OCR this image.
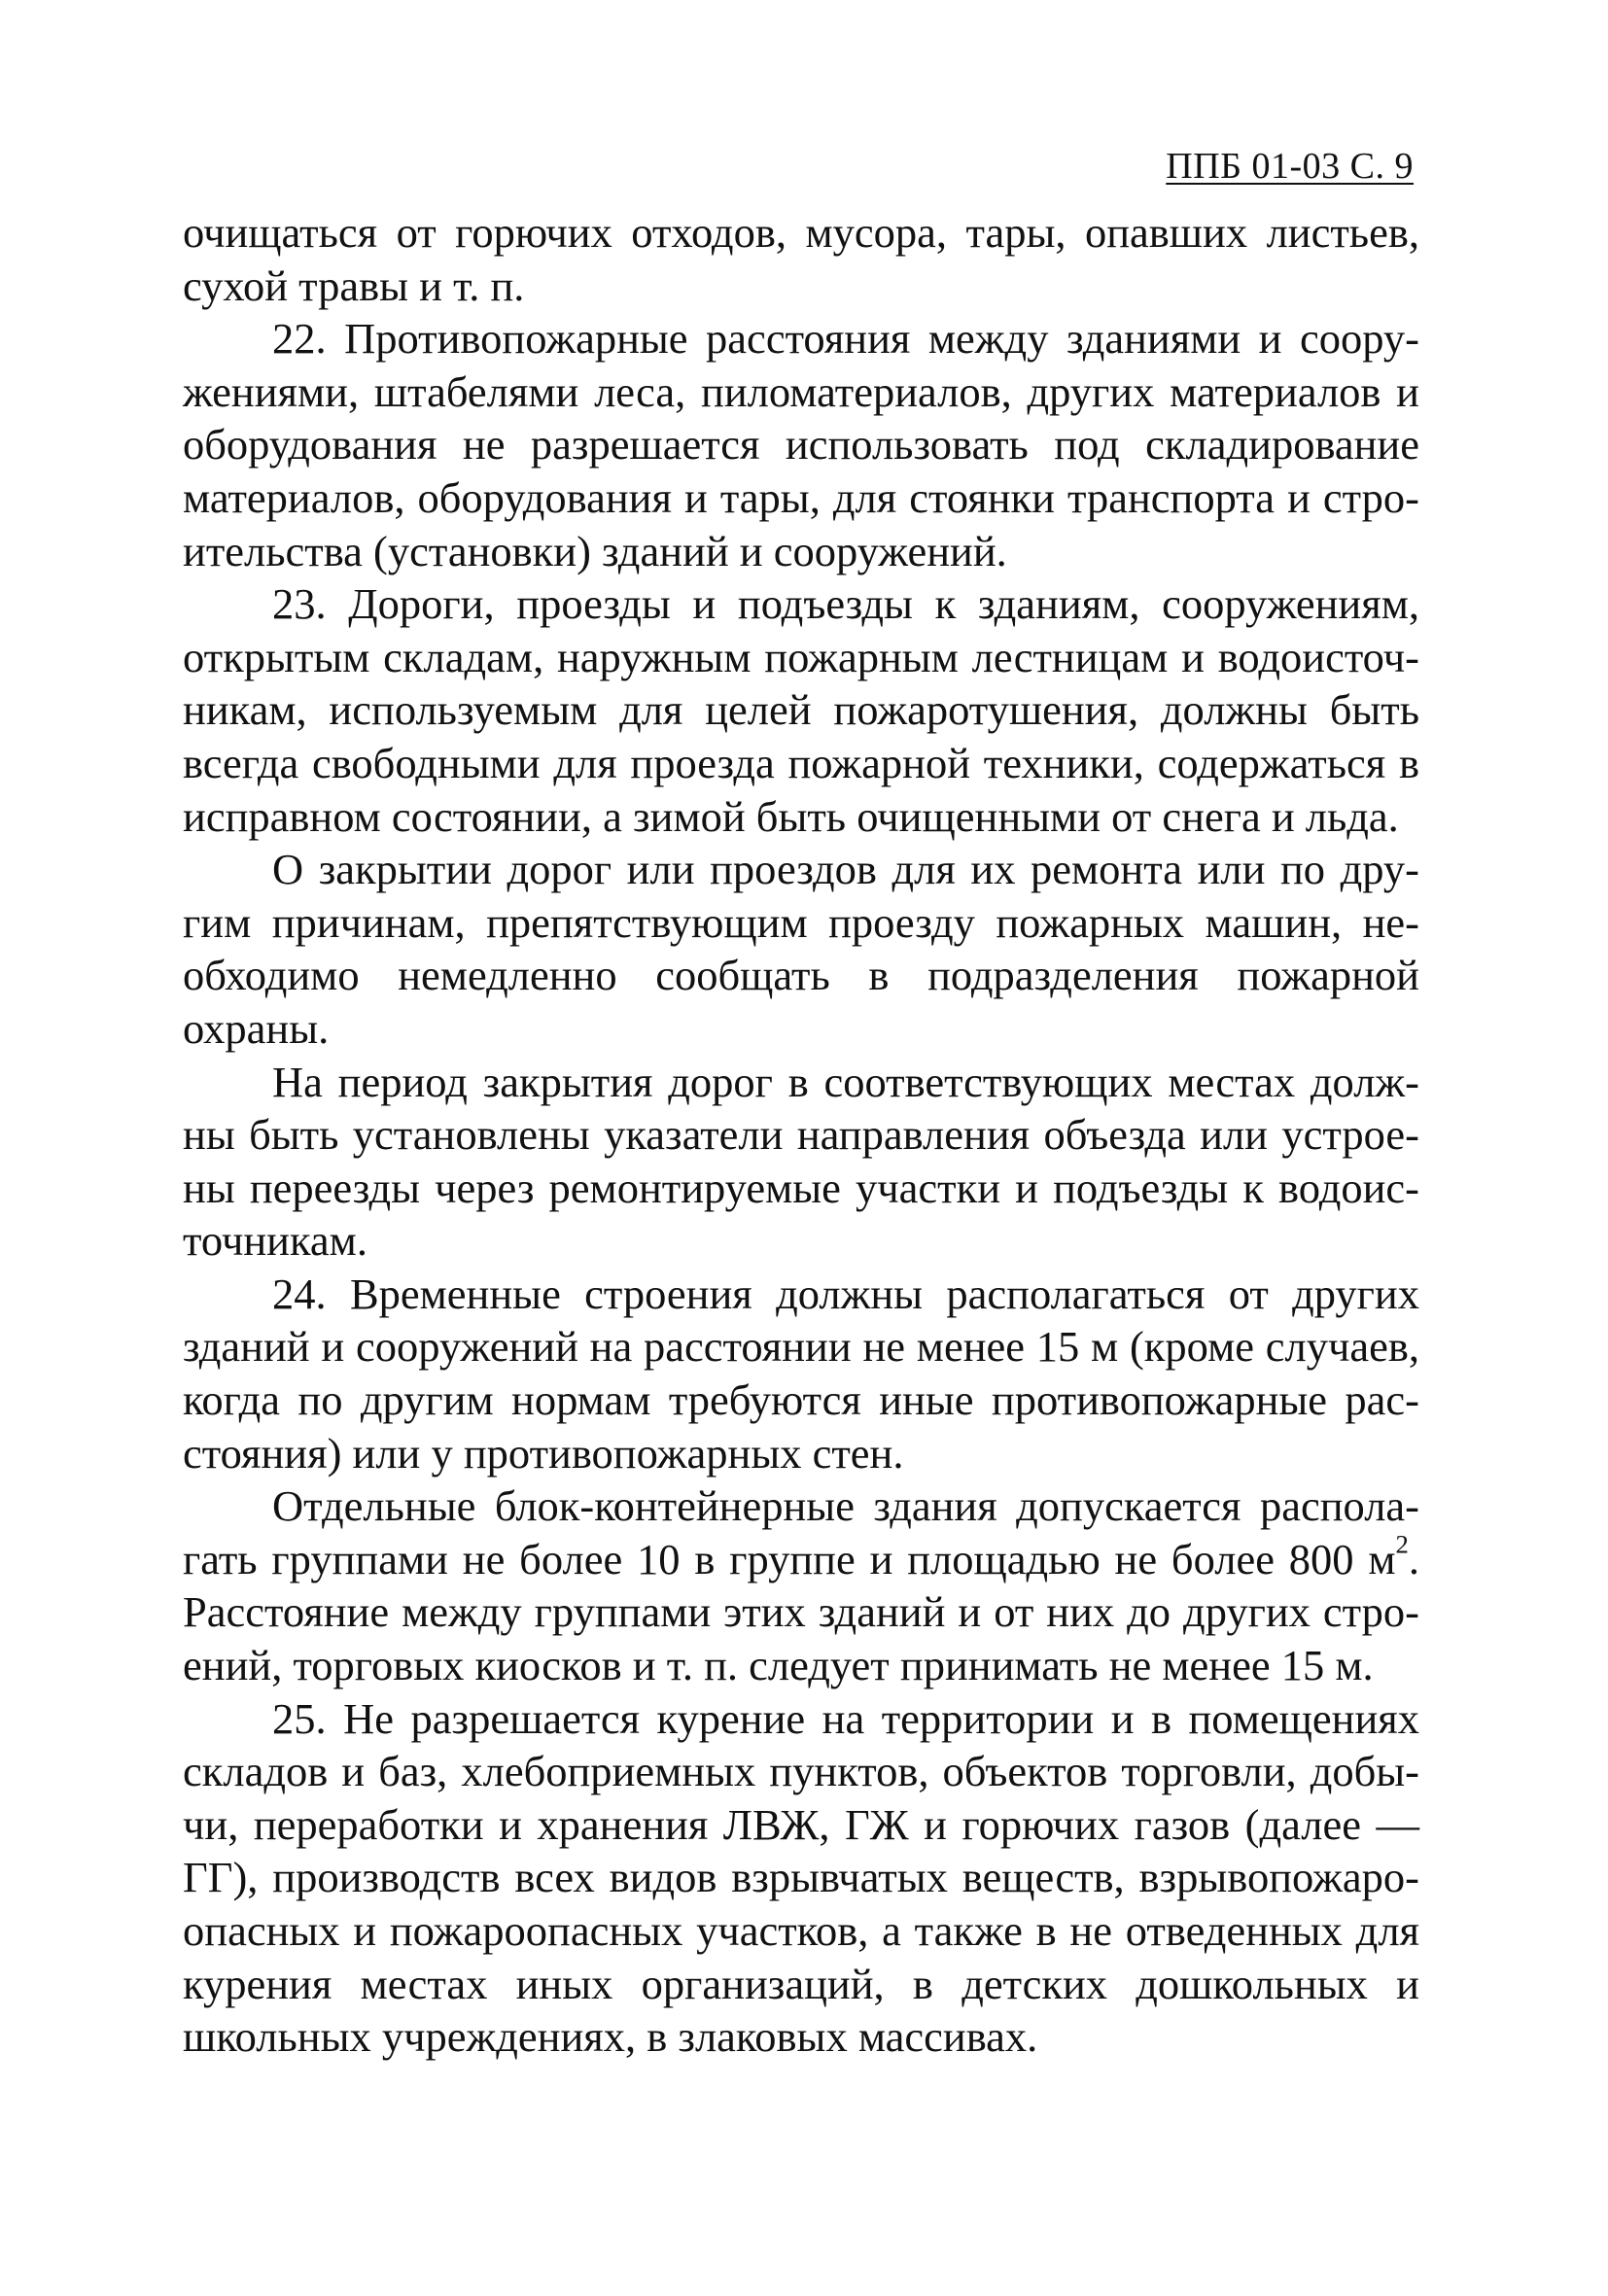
ППБ 01-03 С. 9

очищаться от горючих отходов, мусора, тары, опавших листьев, сухой травы и т. п.

22. Противопожарные расстояния между зданиями и сооружениями, штабелями леса, пиломатериалов, других материалов и оборудования не разрешается использовать под складирование материалов, оборудования и тары, для стоянки транспорта и строительства (установки) зданий и сооружений.

23. Дороги, проезды и подъезды к зданиям, сооружениям, открытым складам, наружным пожарным лестницам и водоисточникам, используемым для целей пожаротушения, должны быть всегда свободными для проезда пожарной техники, содержаться в исправном состоянии, а зимой быть очищенными от снега и льда.

О закрытии дорог или проездов для их ремонта или по другим причинам, препятствующим проезду пожарных машин, необходимо немедленно сообщать в подразделения пожарной охраны.

На период закрытия дорог в соответствующих местах должны быть установлены указатели направления объезда или устроены переезды через ремонтируемые участки и подъезды к водоисточникам.

24. Временные строения должны располагаться от других зданий и сооружений на расстоянии не менее 15 м (кроме случаев, когда по другим нормам требуются иные противопожарные расстояния) или у противопожарных стен.

Отдельные блок-контейнерные здания допускается располагать группами не более 10 в группе и площадью не более 800 $м^2$. Расстояние между группами этих зданий и от них до других строений, торговых киосков и т. п. следует принимать не менее 15 м.

25. Не разрешается курение на территории и в помещениях складов и баз, хлебоприемных пунктов, объектов торговли, добычи, переработки и хранения ЛВЖ, ГЖ и горючих газов (далее — ГГ), производств всех видов взрывчатых веществ, взрывопожароопасных и пожароопасных участков, а также в не отведенных для курения местах иных организаций, в детских дошкольных и школьных учреждениях, в злаковых массивах.
